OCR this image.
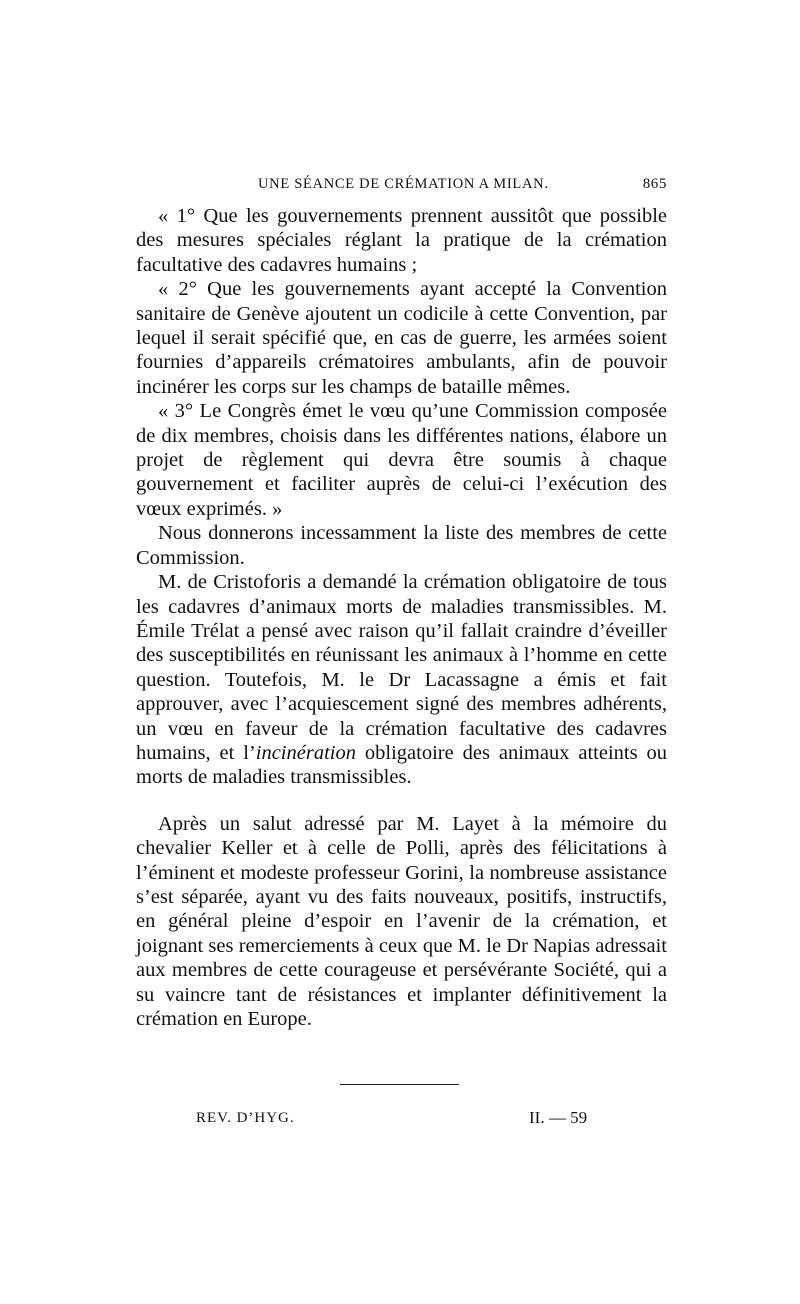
UNE SÉANCE DE CRÉMATION A MILAN.	865

« 1° Que les gouvernements prennent aussitôt que possible des mesures spéciales réglant la pratique de la crémation facultative des cadavres humains ;

« 2° Que les gouvernements ayant accepté la Convention sanitaire de Genève ajoutent un codicile à cette Convention, par lequel il serait spécifié que, en cas de guerre, les armées soient fournies d’appareils crématoires ambulants, afin de pouvoir incinérer les corps sur les champs de bataille mêmes.

« 3° Le Congrès émet le vœu qu’une Commission composée de dix membres, choisis dans les différentes nations, élabore un projet de règlement qui devra être soumis à chaque gouvernement et faciliter auprès de celui-ci l’exécution des vœux exprimés. »

Nous donnerons incessamment la liste des membres de cette Commission.

M. de Cristoforis a demandé la crémation obligatoire de tous les cadavres d’animaux morts de maladies transmissibles. M. Émile Trélat a pensé avec raison qu’il fallait craindre d’éveiller des susceptibilités en réunissant les animaux à l’homme en cette question. Toutefois, M. le Dr Lacassagne a émis et fait approuver, avec l’acquiescement signé des membres adhérents, un vœu en faveur de la crémation facultative des cadavres humains, et l’incinération obligatoire des animaux atteints ou morts de maladies transmissibles.

Après un salut adressé par M. Layet à la mémoire du chevalier Keller et à celle de Polli, après des félicitations à l’éminent et modeste professeur Gorini, la nombreuse assistance s’est séparée, ayant vu des faits nouveaux, positifs, instructifs, en général pleine d’espoir en l’avenir de la crémation, et joignant ses remerciements à ceux que M. le Dr Napias adressait aux membres de cette courageuse et persévérante Société, qui a su vaincre tant de résistances et implanter définitivement la crémation en Europe.

REV. D’HYG.	II. — 59
